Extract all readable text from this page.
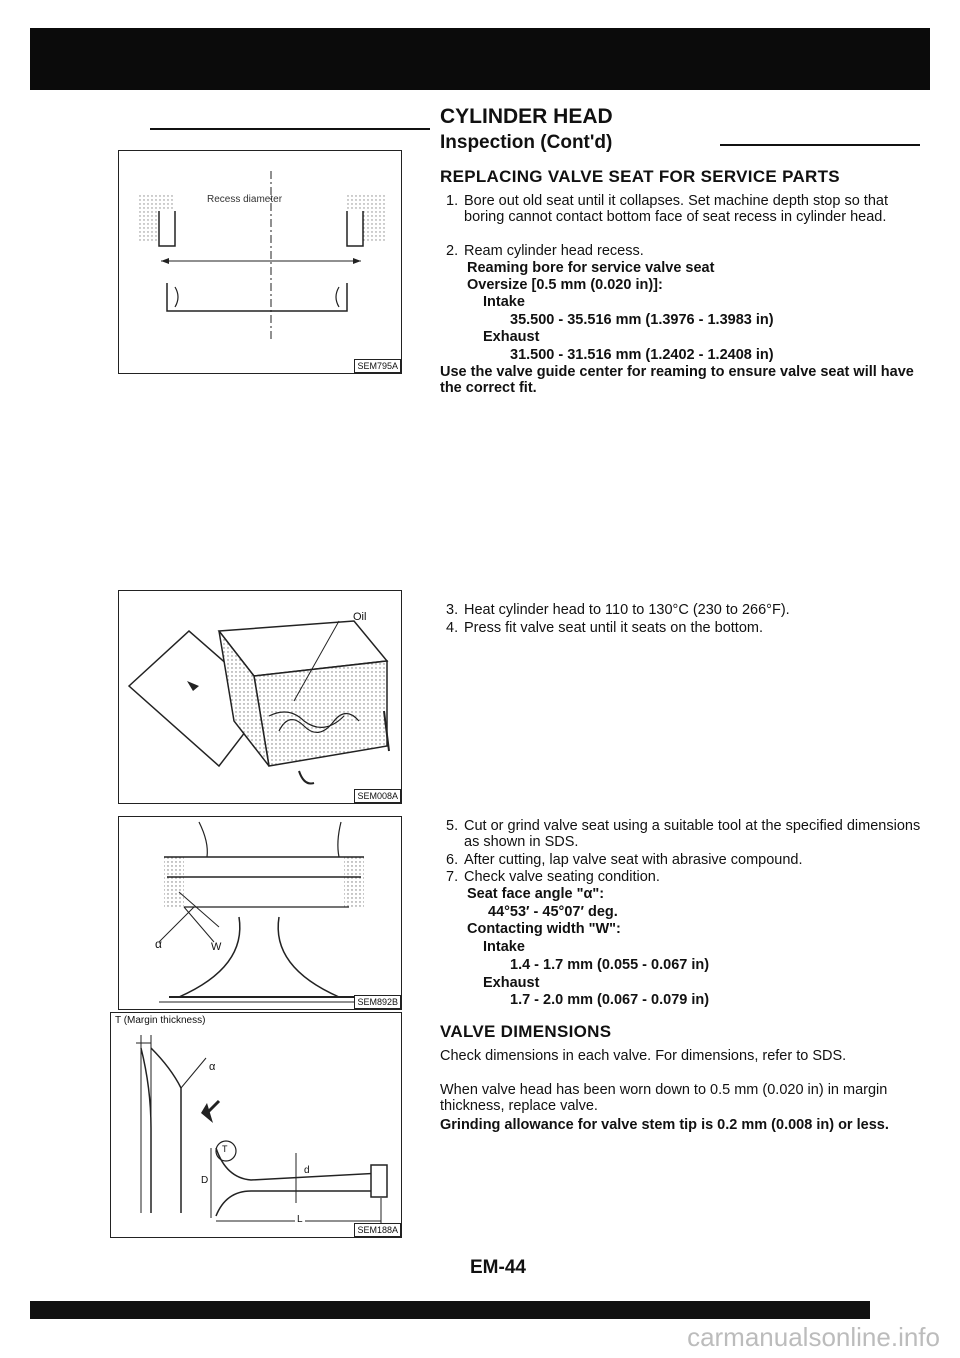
CYLINDER HEAD
Inspection (Cont'd)
Recess diameter
SEM795A
REPLACING VALVE SEAT FOR SERVICE PARTS
1. Bore out old seat until it collapses. Set machine depth stop so that boring cannot contact bottom face of seat recess in cylinder head.
2. Ream cylinder head recess.
Reaming bore for service valve seat
Oversize [0.5 mm (0.020 in)]:
Intake
35.500 - 35.516 mm (1.3976 - 1.3983 in)
Exhaust
31.500 - 31.516 mm (1.2402 - 1.2408 in)
Use the valve guide center for reaming to ensure valve seat will have the correct fit.
Oil
SEM008A
3. Heat cylinder head to 110 to 130°C (230 to 266°F).
4. Press fit valve seat until it seats on the bottom.
α	W
SEM892B
5. Cut or grind valve seat using a suitable tool at the specified dimensions as shown in SDS.
6. After cutting, lap valve seat with abrasive compound.
7. Check valve seating condition.
Seat face angle "α":
44°53′ - 45°07′ deg.
Contacting width "W":
Intake
1.4 - 1.7 mm (0.055 - 0.067 in)
Exhaust
1.7 - 2.0 mm (0.067 - 0.079 in)
T (Margin thickness)
α
T
D
d
L
SEM188A
VALVE DIMENSIONS
Check dimensions in each valve. For dimensions, refer to SDS.
When valve head has been worn down to 0.5 mm (0.020 in) in margin thickness, replace valve.
Grinding allowance for valve stem tip is 0.2 mm (0.008 in) or less.
EM-44
carmanualsonline.info
